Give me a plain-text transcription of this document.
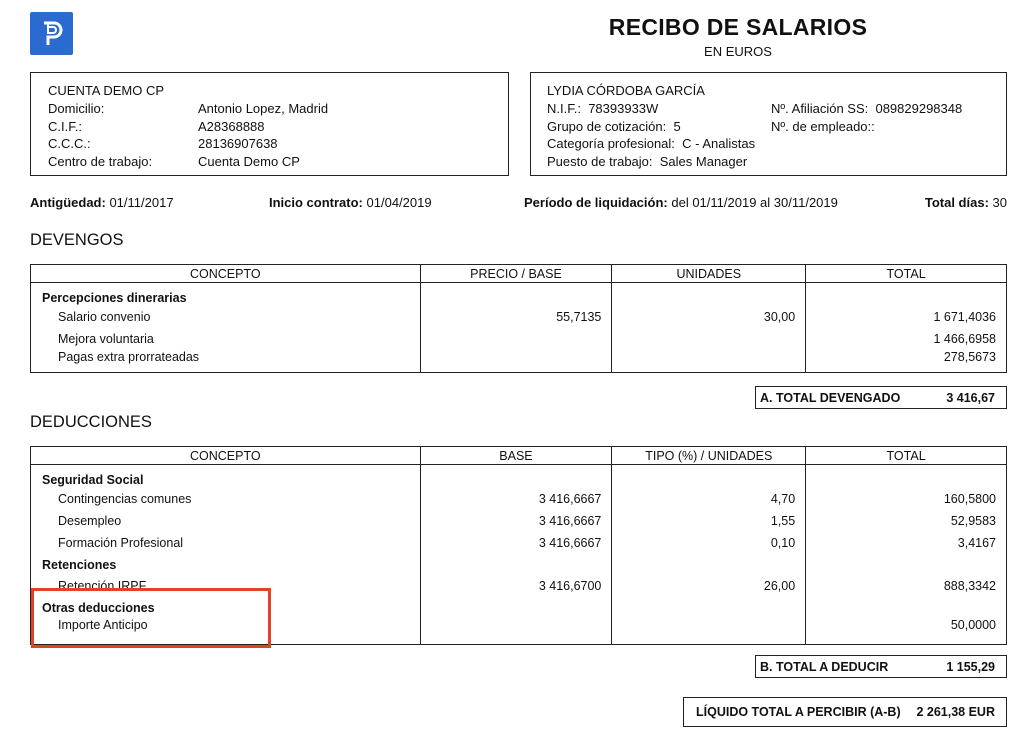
RECIBO DE SALARIOS
EN EUROS
CUENTA DEMO CP
Domicilio:	Antonio Lopez, Madrid
C.I.F.:	A28368888
C.C.C.:	28136907638
Centro de trabajo:	Cuenta Demo CP
LYDIA CÓRDOBA GARCÍA
N.I.F.: 78393933W
Grupo de cotización: 5
Categoría profesional: C - Analistas
Puesto de trabajo: Sales Manager
Nº. Afiliación SS: 089829298348
Nº. de empleado::
Antigüedad: 01/11/2017	Inicio contrato: 01/04/2019	Período de liquidación: del 01/11/2019 al 30/11/2019	Total días: 30
DEVENGOS
CONCEPTO	PRECIO / BASE	UNIDADES	TOTAL
Percepciones dinerarias			
Salario convenio	55,7135	30,00	1 671,4036
Mejora voluntaria			1 466,6958
Pagas extra prorrateadas			278,5673
A. TOTAL DEVENGADO	3 416,67
DEDUCCIONES
CONCEPTO	BASE	TIPO (%) / UNIDADES	TOTAL
Seguridad Social			
Contingencias comunes	3 416,6667	4,70	160,5800
Desempleo	3 416,6667	1,55	52,9583
Formación Profesional	3 416,6667	0,10	3,4167
Retenciones			
Retención IRPF	3 416,6700	26,00	888,3342
Otras deducciones			
Importe Anticipo			50,0000
B. TOTAL A DEDUCIR	1 155,29
LÍQUIDO TOTAL A PERCIBIR (A-B) 2 261,38 EUR
